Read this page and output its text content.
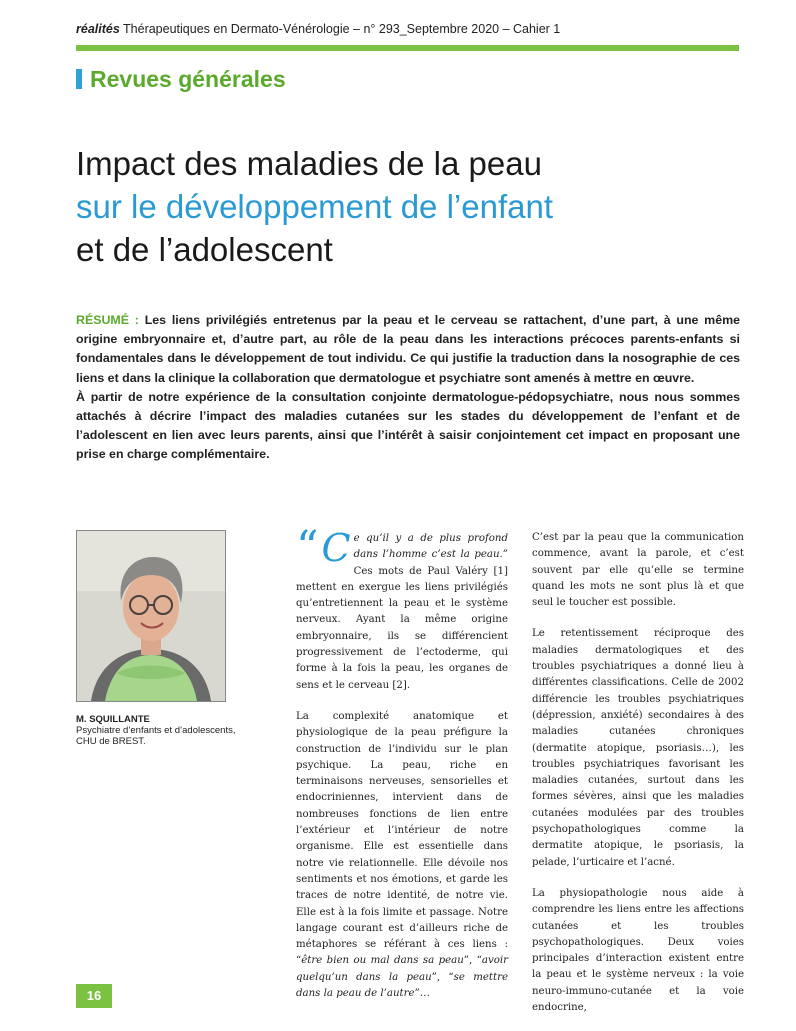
réalités Thérapeutiques en Dermato-Vénérologie – n° 293_Septembre 2020 – Cahier 1
Revues générales
Impact des maladies de la peau
sur le développement de l’enfant
et de l’adolescent

RÉSUMÉ : Les liens privilégiés entretenus par la peau et le cerveau se rattachent, d’une part, à une même origine embryonnaire et, d’autre part, au rôle de la peau dans les interactions précoces parents-enfants si fondamentales dans le développement de tout individu. Ce qui justifie la traduction dans la nosographie de ces liens et dans la clinique la collaboration que dermatologue et psychiatre sont amenés à mettre en œuvre.

À partir de notre expérience de la consultation conjointe dermatologue-pédopsychiatre, nous nous sommes attachés à décrire l’impact des maladies cutanées sur les stades du développement de l’enfant et de l’adolescent en lien avec leurs parents, ainsi que l’intérêt à saisir conjointement cet impact en proposant une prise en charge complémentaire.

M. SQUILLANTE
Psychiatre d’enfants et d’adolescents,
CHU de BREST.

“ C e qu’il y a de plus profond dans l’homme c’est la peau.” Ces mots de Paul Valéry [1] mettent en exergue les liens privilégiés qu’entretiennent la peau et le système nerveux. Ayant la même origine embryonnaire, ils se différencient progressivement de l’ectoderme, qui forme à la fois la peau, les organes de sens et le cerveau [2].

La complexité anatomique et physiologique de la peau préfigure la construction de l’individu sur le plan psychique. La peau, riche en terminaisons nerveuses, sensorielles et endocriniennes, intervient dans de nombreuses fonctions de lien entre l’extérieur et l’intérieur de notre organisme. Elle est essentielle dans notre vie relationnelle. Elle dévoile nos sentiments et nos émotions, et garde les traces de notre identité, de notre vie. Elle est à la fois limite et passage. Notre langage courant est d’ailleurs riche de métaphores se référant à ces liens : “être bien ou mal dans sa peau”, “avoir quelqu’un dans la peau”, “se mettre dans la peau de l’autre”…

C’est par la peau que la communication commence, avant la parole, et c’est souvent par elle qu’elle se termine quand les mots ne sont plus là et que seul le toucher est possible.

Le retentissement réciproque des maladies dermatologiques et des troubles psychiatriques a donné lieu à différentes classifications. Celle de 2002 différencie les troubles psychiatriques (dépression, anxiété) secondaires à des maladies cutanées chroniques (dermatite atopique, psoriasis…), les troubles psychiatriques favorisant les maladies cutanées, surtout dans les formes sévères, ainsi que les maladies cutanées modulées par des troubles psychopathologiques comme la dermatite atopique, le psoriasis, la pelade, l’urticaire et l’acné.

La physiopathologie nous aide à comprendre les liens entre les affections cutanées et les troubles psychopathologiques. Deux voies principales d’interaction existent entre la peau et le système nerveux : la voie neuro-immuno-cutanée et la voie endocrine,

16
